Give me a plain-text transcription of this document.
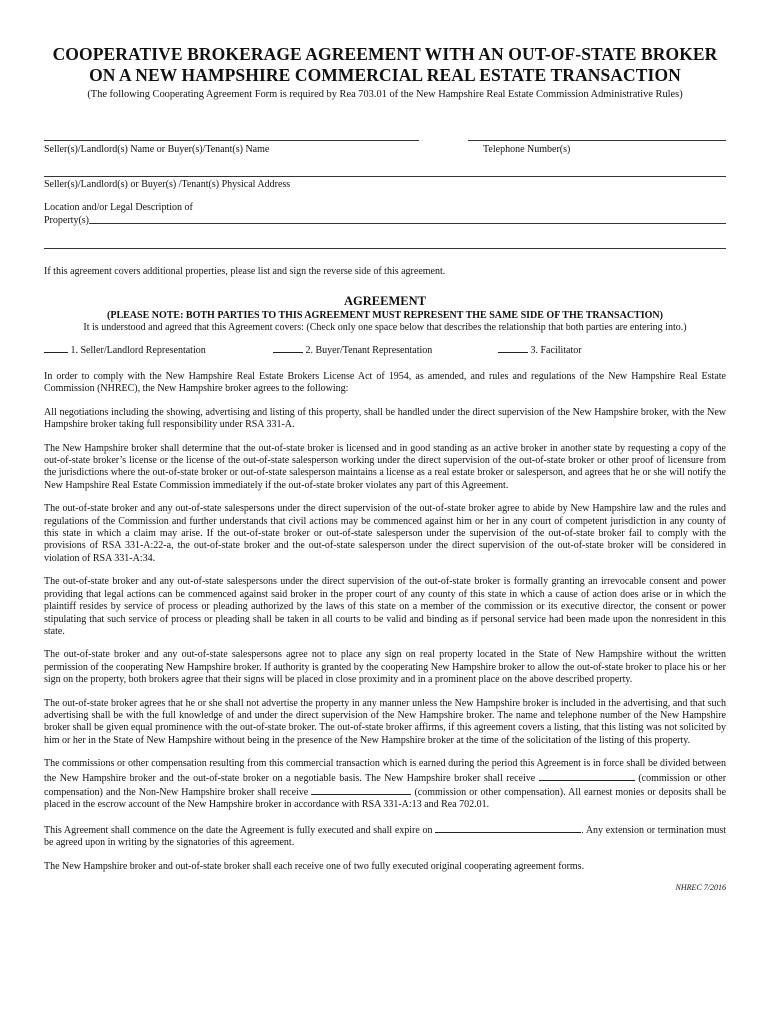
COOPERATIVE BROKERAGE AGREEMENT WITH AN OUT-OF-STATE BROKER
ON A NEW HAMPSHIRE COMMERCIAL REAL ESTATE TRANSACTION
(The following Cooperating Agreement Form is required by Rea 703.01 of the New Hampshire Real Estate Commission Administrative Rules)
Seller(s)/Landlord(s) Name or Buyer(s)/Tenant(s) Name	Telephone Number(s)
Seller(s)/Landlord(s) or Buyer(s) /Tenant(s) Physical Address
Location and/or Legal Description of
Property(s)
If this agreement covers additional properties, please list and sign the reverse side of this agreement.
AGREEMENT
(PLEASE NOTE: BOTH PARTIES TO THIS AGREEMENT MUST REPRESENT THE SAME SIDE OF THE TRANSACTION)
It is understood and agreed that this Agreement covers: (Check only one space below that describes the relationship that both parties are entering into.)
1. Seller/Landlord Representation	2. Buyer/Tenant Representation	3. Facilitator

In order to comply with the New Hampshire Real Estate Brokers License Act of 1954, as amended, and rules and regulations of the New Hampshire Real Estate Commission (NHREC), the New Hampshire broker agrees to the following:

All negotiations including the showing, advertising and listing of this property, shall be handled under the direct supervision of the New Hampshire broker, with the New Hampshire broker taking full responsibility under RSA 331-A.

The New Hampshire broker shall determine that the out-of-state broker is licensed and in good standing as an active broker in another state by requesting a copy of the out-of-state broker’s license or the license of the out-of-state salesperson working under the direct supervision of the out-of-state broker or other proof of licensure from the jurisdictions where the out-of-state broker or out-of-state salesperson maintains a license as a real estate broker or salesperson, and agrees that he or she will notify the New Hampshire Real Estate Commission immediately if the out-of-state broker violates any part of this Agreement.

The out-of-state broker and any out-of-state salespersons under the direct supervision of the out-of-state broker agree to abide by New Hampshire law and the rules and regulations of the Commission and further understands that civil actions may be commenced against him or her in any court of competent jurisdiction in any county of this state in which a claim may arise. If the out-of-state broker or out-of-state salesperson under the supervision of the out-of-state broker fail to comply with the provisions of RSA 331-A:22-a, the out-of-state broker and the out-of-state salesperson under the direct supervision of the out-of-state broker will be considered in violation of RSA 331-A:34.

The out-of-state broker and any out-of-state salespersons under the direct supervision of the out-of-state broker is formally granting an irrevocable consent and power providing that legal actions can be commenced against said broker in the proper court of any county of this state in which a cause of action does arise or in which the plaintiff resides by service of process or pleading authorized by the laws of this state on a member of the commission or its executive director, the consent or power stipulating that such service of process or pleading shall be taken in all courts to be valid and binding as if personal service had been made upon the nonresident in this state.

The out-of-state broker and any out-of-state salespersons agree not to place any sign on real property located in the State of New Hampshire without the written permission of the cooperating New Hampshire broker. If authority is granted by the cooperating New Hampshire broker to allow the out-of-state broker to place his or her sign on the property, both brokers agree that their signs will be placed in close proximity and in a prominent place on the above described property.

The out-of-state broker agrees that he or she shall not advertise the property in any manner unless the New Hampshire broker is included in the advertising, and that such advertising shall be with the full knowledge of and under the direct supervision of the New Hampshire broker. The name and telephone number of the New Hampshire broker shall be given equal prominence with the out-of-state broker. The out-of-state broker affirms, if this agreement covers a listing, that this listing was not solicited by him or her in the State of New Hampshire without being in the presence of the New Hampshire broker at the time of the solicitation of the listing of this property.

The commissions or other compensation resulting from this commercial transaction which is earned during the period this Agreement is in force shall be divided between the New Hampshire broker and the out-of-state broker on a negotiable basis. The New Hampshire broker shall receive	(commission or other compensation) and the Non-New Hampshire broker shall receive	(commission or other compensation). All earnest monies or deposits shall be placed in the escrow account of the New Hampshire broker in accordance with RSA 331-A:13 and Rea 702.01.

This Agreement shall commence on the date the Agreement is fully executed and shall expire on	. Any extension or termination must be agreed upon in writing by the signatories of this agreement.

The New Hampshire broker and out-of-state broker shall each receive one of two fully executed original cooperating agreement forms.

NHREC 7/2016
